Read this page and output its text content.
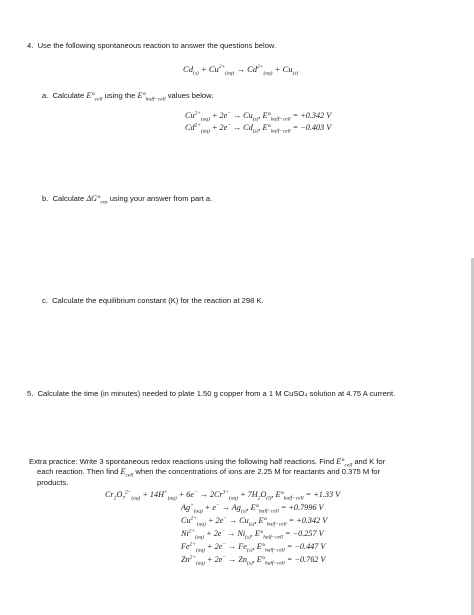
4. Use the following spontaneous reaction to answer the questions below.
$Cd_{(s)} + Cu^{2+}_{(aq)} \to Cd^{2+}_{(aq)} + Cu_{(s)}$
a. Calculate $E^\circ_{cell}$ using the $E^\circ_{half-cell}$ values below.
$Cu^{2+}_{(aq)} + 2e^- \to Cu_{(s)}$, $E^\circ_{half-cell} = +0.342$ V
$Cd^{2+}_{(aq)} + 2e^- \to Cd_{(s)}$, $E^\circ_{half-cell} = -0.403$ V
b. Calculate $\Delta G^\circ_{rxn}$ using your answer from part a.
c. Calculate the equilibrium constant (K) for the reaction at 298 K.
5. Calculate the time (in minutes) needed to plate 1.50 g copper from a 1 M CuSO₄ solution at 4.75 A current.
Extra practice: Write 3 spontaneous redox reactions using the following half reactions. Find $E^\circ_{cell}$ and K for
each reaction. Then find $E_{cell}$ when the concentrations of ions are 2.25 M for reactants and 0.375 M for
products.
$Cr_2O_7^{2-}_{(aq)} + 14H^+_{(aq)} + 6e^- \to 2Cr^{3+}_{(aq)} + 7H_2O_{(l)}$, $E^\circ_{half-cell} = +1.33$ V
$Ag^+_{(aq)} + e^- \to Ag_{(s)}$, $E^\circ_{half-cell} = +0.7996$ V
$Cu^{2+}_{(aq)} + 2e^- \to Cu_{(s)}$, $E^\circ_{half-cell} = +0.342$ V
$Ni^{2+}_{(aq)} + 2e^- \to Ni_{(s)}$, $E^\circ_{half-cell} = -0.257$ V
$Fe^{2+}_{(aq)} + 2e^- \to Fe_{(s)}$, $E^\circ_{half-cell} = -0.447$ V
$Zn^{2+}_{(aq)} + 2e^- \to Zn_{(s)}$, $E^\circ_{half-cell} = -0.762$ V
